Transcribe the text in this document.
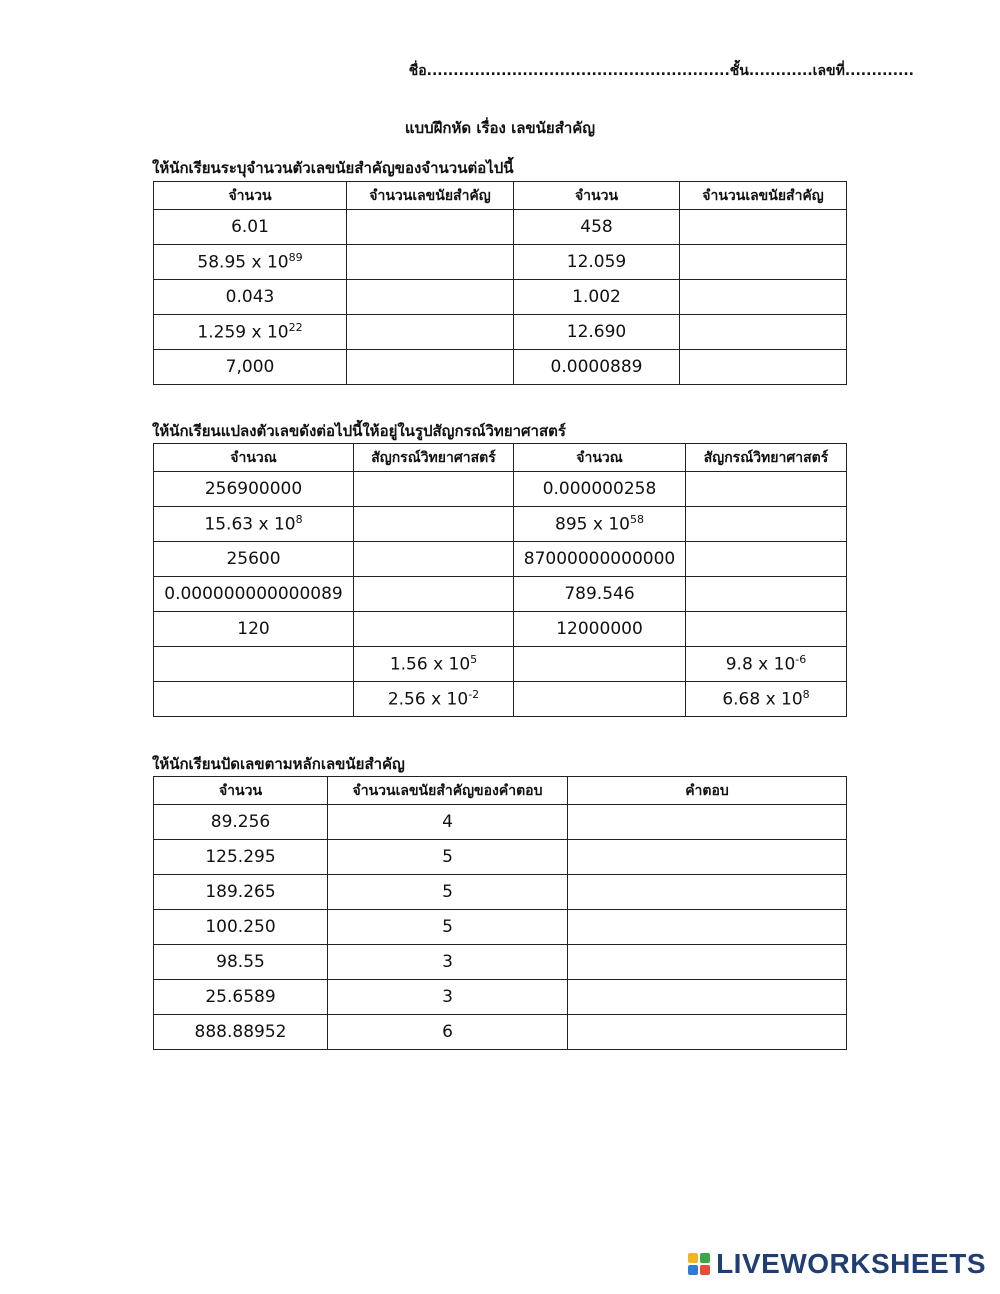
ชื่อ.........................................................ชั้น............เลขที่.............
แบบฝึกหัด เรื่อง เลขนัยสำคัญ
ให้นักเรียนระบุจำนวนตัวเลขนัยสำคัญของจำนวนต่อไปนี้
จำนวน	จำนวนเลขนัยสำคัญ	จำนวน	จำนวนเลขนัยสำคัญ
6.01		458	
58.95 x $10^{89}$		12.059	
0.043		1.002	
1.259 x $10^{22}$		12.690	
7,000		0.0000889	
ให้นักเรียนแปลงตัวเลขดังต่อไปนี้ให้อยู่ในรูปสัญกรณ์วิทยาศาสตร์
จำนวณ	สัญกรณ์วิทยาศาสตร์	จำนวณ	สัญกรณ์วิทยาศาสตร์
256900000		0.000000258	
15.63 x $10^8$		895 x $10^{58}$	
25600		87000000000000	
0.000000000000089		789.546	
120		12000000	
	1.56 x $10^5$		9.8 x $10^{-6}$
	2.56 x $10^{-2}$		6.68 x $10^8$
ให้นักเรียนปัดเลขตามหลักเลขนัยสำคัญ
จำนวน	จำนวนเลขนัยสำคัญของคำตอบ	คำตอบ
89.256	4	
125.295	5	
189.265	5	
100.250	5	
98.55	3	
25.6589	3	
888.88952	6	
LIVEWORKSHEETS
